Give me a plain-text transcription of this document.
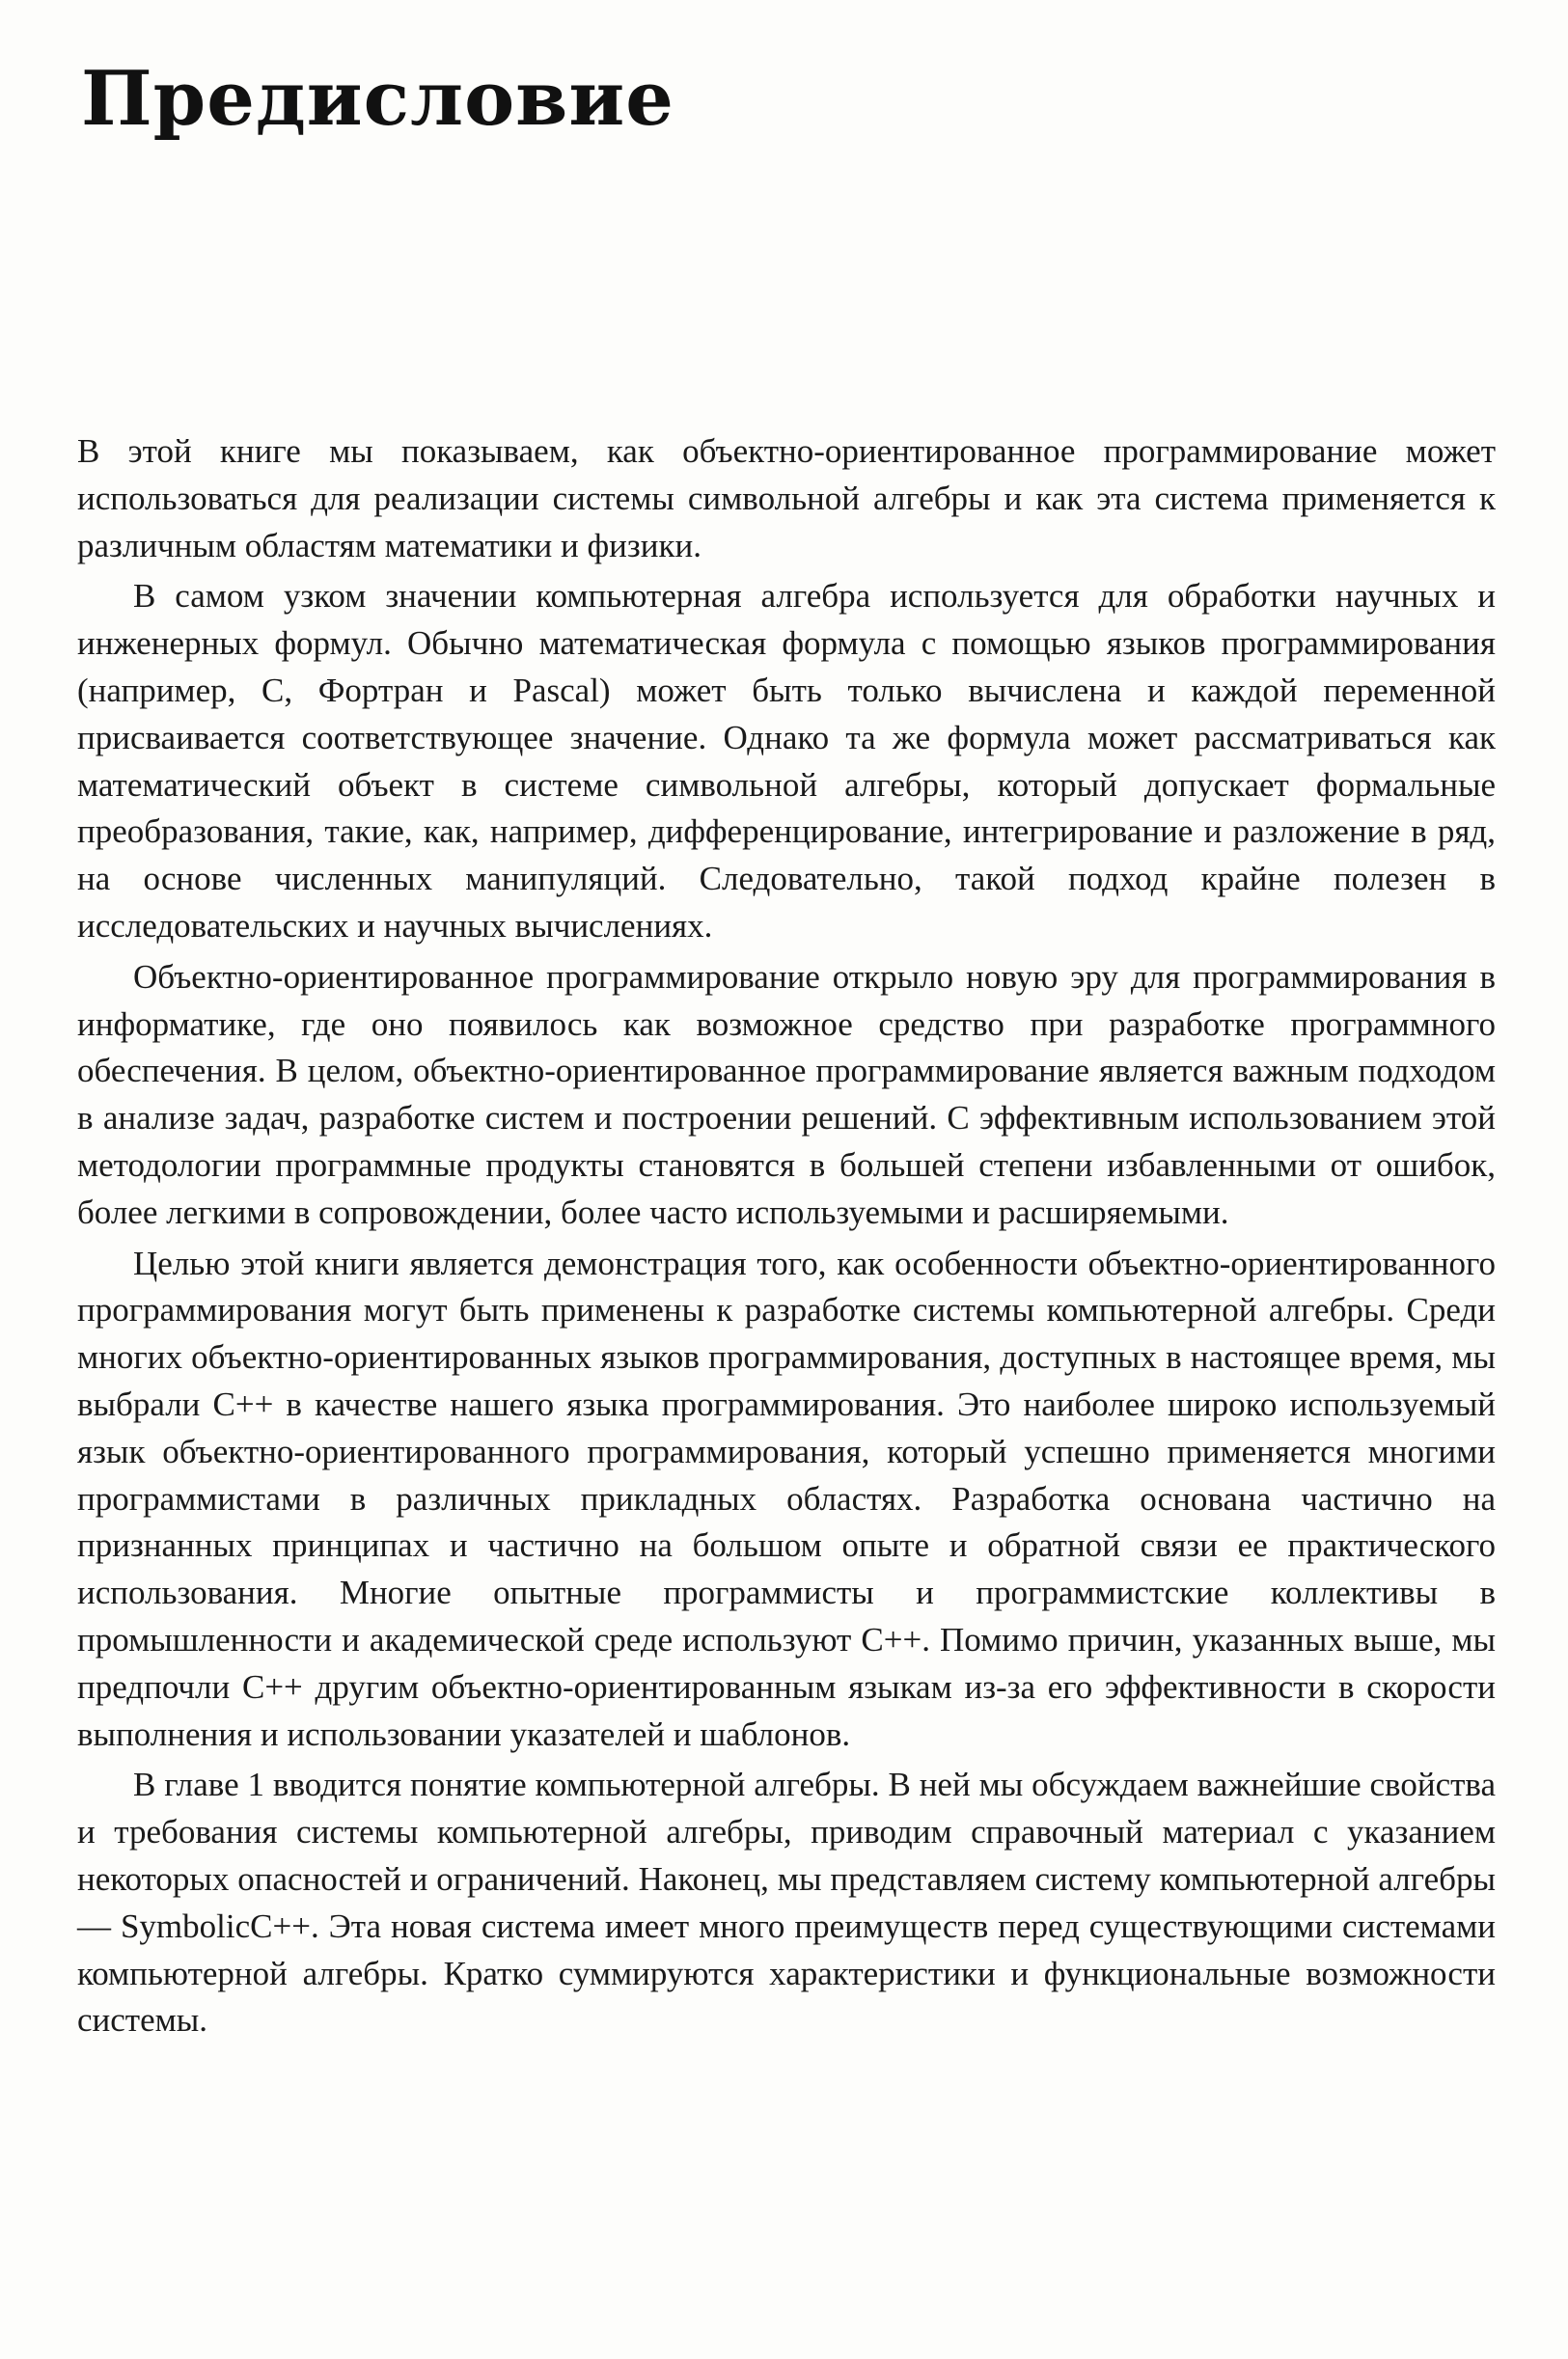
Предисловие

В этой книге мы показываем, как объектно-ориентированное программирование может использоваться для реализации системы символьной алгебры и как эта система применяется к различным областям математики и физики.

В самом узком значении компьютерная алгебра используется для обработки научных и инженерных формул. Обычно математическая формула с помощью языков программирования (например, С, Фортран и Pascal) может быть только вычислена и каждой переменной присваивается соответствующее значение. Однако та же формула может рассматриваться как математический объект в системе символьной алгебры, который допускает формальные преобразования, такие, как, например, дифференцирование, интегрирование и разложение в ряд, на основе численных манипуляций. Следовательно, такой подход крайне полезен в исследовательских и научных вычислениях.

Объектно-ориентированное программирование открыло новую эру для программирования в информатике, где оно появилось как возможное средство при разработке программного обеспечения. В целом, объектно-ориентированное программирование является важным подходом в анализе задач, разработке систем и построении решений. С эффективным использованием этой методологии программные продукты становятся в большей степени избавленными от ошибок, более легкими в сопровождении, более часто используемыми и расширяемыми.

Целью этой книги является демонстрация того, как особенности объектно-ориентированного программирования могут быть применены к разработке системы компьютерной алгебры. Среди многих объектно-ориентированных языков программирования, доступных в настоящее время, мы выбрали C++ в качестве нашего языка программирования. Это наиболее широко используемый язык объектно-ориентированного программирования, который успешно применяется многими программистами в различных прикладных областях. Разработка основана частично на признанных принципах и частично на большом опыте и обратной связи ее практического использования. Многие опытные программисты и программистские коллективы в промышленности и академической среде используют C++. Помимо причин, указанных выше, мы предпочли C++ другим объектно-ориентированным языкам из-за его эффективности в скорости выполнения и использовании указателей и шаблонов.

В главе 1 вводится понятие компьютерной алгебры. В ней мы обсуждаем важнейшие свойства и требования системы компьютерной алгебры, приводим справочный материал с указанием некоторых опасностей и ограничений. Наконец, мы представляем систему компьютерной алгебры — SymbolicC++. Эта новая система имеет много преимуществ перед существующими системами компьютерной алгебры. Кратко суммируются характеристики и функциональные возможности системы.
